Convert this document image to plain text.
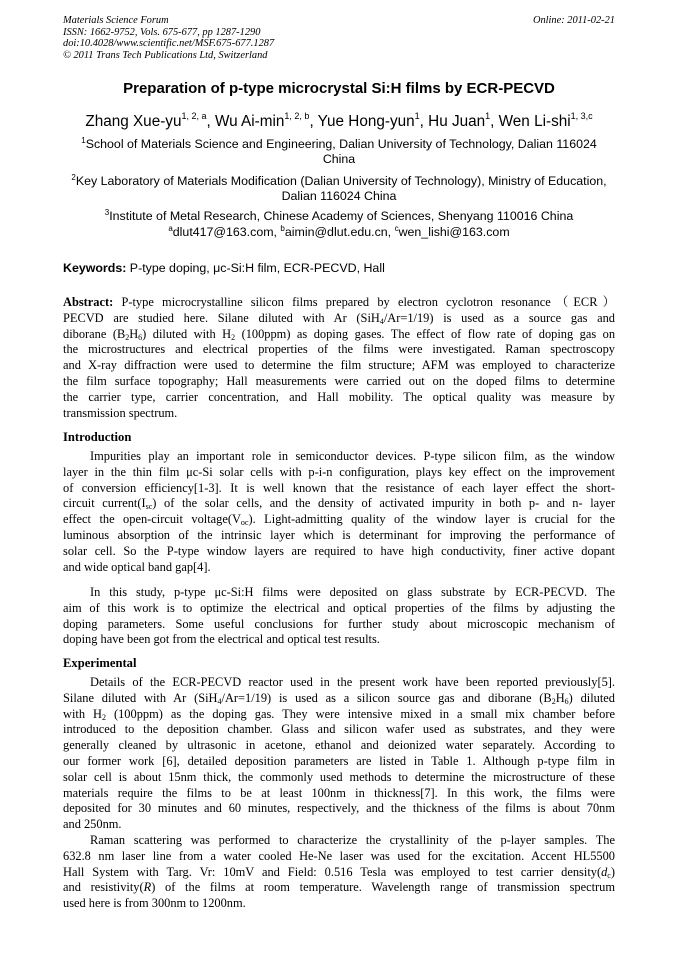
Materials Science Forum
ISSN: 1662-9752, Vols. 675-677, pp 1287-1290
doi:10.4028/www.scientific.net/MSF.675-677.1287
© 2011 Trans Tech Publications Ltd, Switzerland
Online: 2011-02-21
Preparation of p-type microcrystal Si:H films by ECR-PECVD
Zhang Xue-yu$^{1, 2, a}$, Wu $Ai-\min^{1, 2, b}$, Yue Hong-yun$^1$, Hu Juan$^1$, Wen Li-shi$^{1, 3,c}$
$^1$School of Materials Science and Engineering, Dalian University of Technology, Dalian 116024
China
$^2$Key Laboratory of Materials Modification (Dalian University of Technology), Ministry of Education,
Dalian 116024 China
$^3$Institute of Metal Research, Chinese Academy of Sciences, Shenyang 110016 China
$^a$dlut417@163.com, $^b$aimin@dlut.edu.cn, $^c$wen_lishi@163.com
Keywords: P-type doping, μc-Si:H film, ECR-PECVD, Hall
Abstract: P-type microcrystalline silicon films prepared by electron cyclotron resonance（ECR）
PECVD are studied here. Silane diluted with Ar (SiH$_4$/Ar=1/19) is used as a source gas and
diborane $(B_2H_6)$ diluted with $H_2$ (100ppm) as doping gases. The effect of flow rate of doping gas on
the microstructures and electrical properties of the films were investigated. Raman spectroscopy
and X-ray diffraction were used to determine the film structure; AFM was employed to characterize
the film surface topography; Hall measurements were carried out on the doped films to determine
the carrier type, carrier concentration, and Hall mobility. The optical quality was measure by
transmission spectrum.
Introduction
Impurities play an important role in semiconductor devices. P-type silicon film, as the window
layer in the thin film μc-Si solar cells with p-i-n configuration, plays key effect on the improvement
of conversion efficiency[1-3]. It is well known that the resistance of each layer effect the short-
circuit $current(I_{sc})$ of the solar cells, and the density of activated impurity in both p- and n- layer
effect the open-circuit $voltage(V_{oc})$. Light-admitting quality of the window layer is crucial for the
luminous absorption of the intrinsic layer which is determinant for improving the performance of
solar cell. So the P-type window layers are required to have high conductivity, finer active dopant
and wide optical band gap[4].
In this study, p-type μc-Si:H films were deposited on glass substrate by ECR-PECVD. The
aim of this work is to optimize the electrical and optical properties of the films by adjusting the
doping parameters. Some useful conclusions for further study about microscopic mechanism of
doping have been got from the electrical and optical test results.
Experimental
Details of the ECR-PECVD reactor used in the present work have been reported previously[5].
Silane diluted with Ar (SiH$_4$/Ar=1/19) is used as a silicon source gas and diborane $(B_2H_6)$ diluted
with $H_2$ (100ppm) as the doping gas. They were intensive mixed in a small mix chamber before
introduced to the deposition chamber. Glass and silicon wafer used as substrates, and they were
generally cleaned by ultrasonic in acetone, ethanol and deionized water separately. According to
our former work [6], detailed deposition parameters are listed in Table 1. Although p-type film in
solar cell is about 15nm thick, the commonly used methods to determine the microstructure of these
materials require the films to be at least 100nm in thickness[7]. In this work, the films were
deposited for 30 minutes and 60 minutes, respectively, and the thickness of the films is about 70nm
and 250nm.
Raman scattering was performed to characterize the crystallinity of the p-layer samples. The
632.8 nm laser line from a water cooled He-Ne laser was used for the excitation. Accent HL5500
Hall System with Targ. Vr: 10mV and Field: 0.516 Tesla was employed to test carrier $density(d_c)$
and resistivity(R) of the films at room temperature. Wavelength range of transmission spectrum
used here is from 300nm to 1200nm.
